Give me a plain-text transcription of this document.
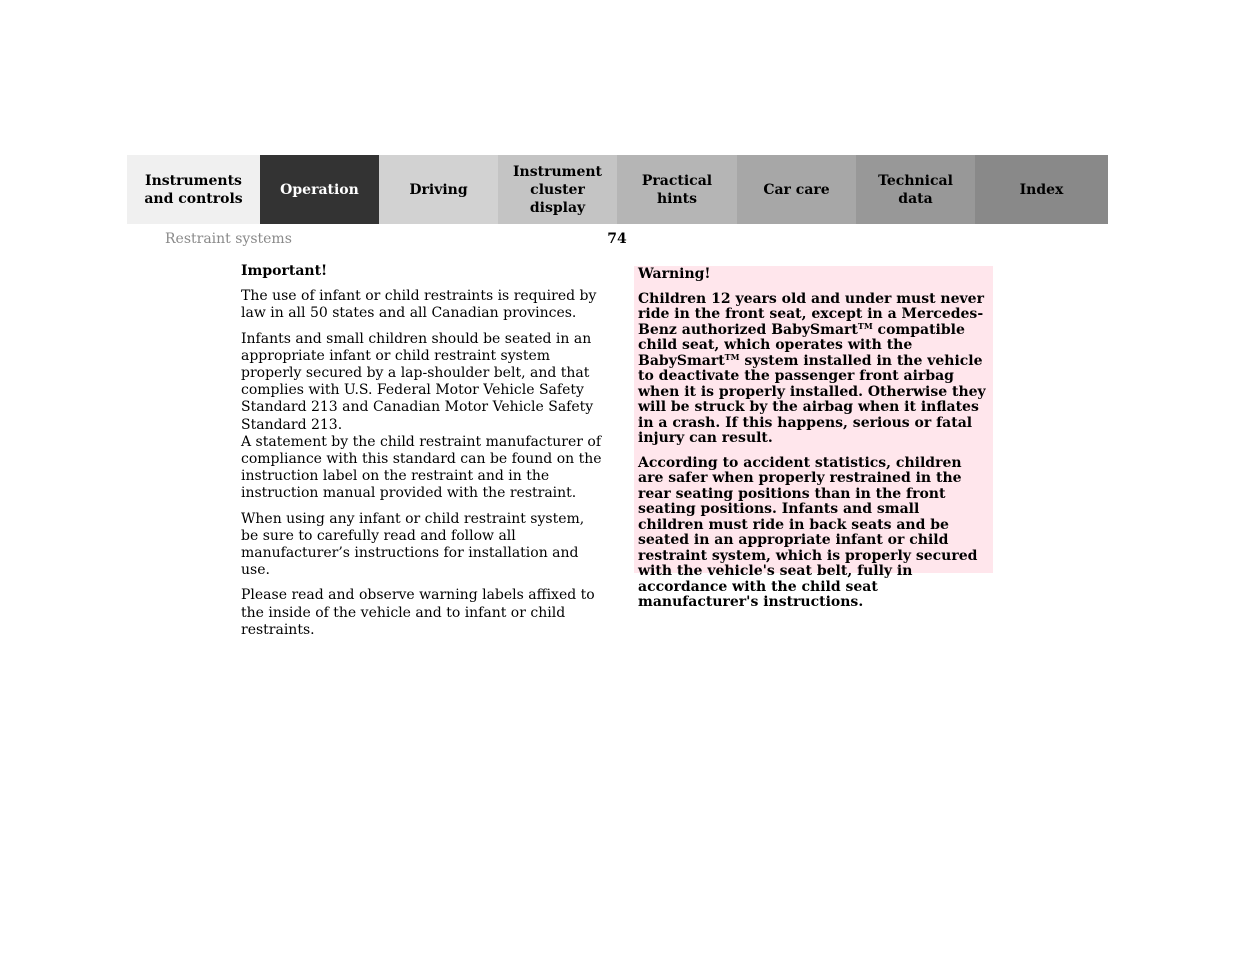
Instruments
and controls
Operation	Driving
Instrument
cluster display
Practical hints
Car care
Technical
data
Index
Restraint systems	74
Important!

The use of infant or child restraints is required by law in all 50 states and all Canadian provinces.

Infants and small children should be seated in an appropriate infant or child restraint system properly secured by a lap-shoulder belt, and that complies with U.S. Federal Motor Vehicle Safety Standard 213 and Canadian Motor Vehicle Safety Standard 213.

A statement by the child restraint manufacturer of compliance with this standard can be found on the instruction label on the restraint and in the instruction manual provided with the restraint.

When using any infant or child restraint system, be sure to carefully read and follow all manufacturer’s instructions for installation and use.

Please read and observe warning labels affixed to the inside of the vehicle and to infant or child restraints.

Warning!

Children 12 years old and under must never ride in the front seat, except in a Mercedes-Benz authorized BabySmart™ compatible child seat, which operates with the BabySmart™ system installed in the vehicle to deactivate the passenger front airbag when it is properly installed. Otherwise they will be struck by the airbag when it inflates in a crash. If this happens, serious or fatal injury can result.

According to accident statistics, children are safer when properly restrained in the rear seating positions than in the front seating positions. Infants and small children must ride in back seats and be seated in an appropriate infant or child restraint system, which is properly secured with the vehicle's seat belt, fully in accordance with the child seat manufacturer's instructions.
